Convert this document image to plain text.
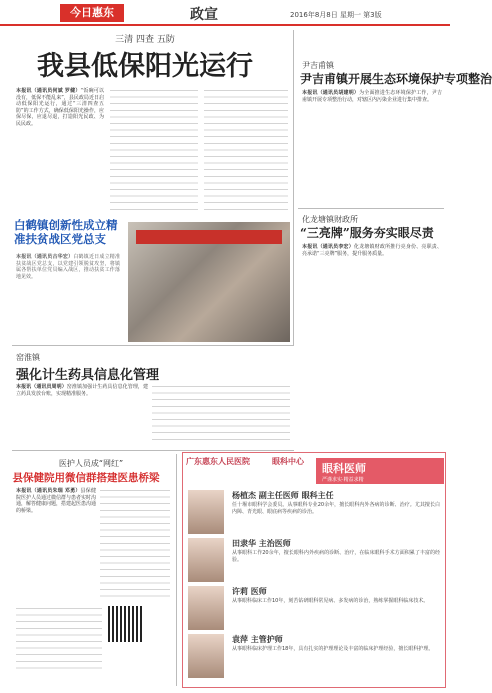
今日惠东	政宣	2016年8月8日 星期一 第3版
三清 四查 五防
我县低保阳光运行
本报讯（通讯员何斌 罗健）“饭碗可以没有，低保不能乱来”，县民政局近日启动低保阳光运行，通过“三清四查五防”的工作方式，确保低保阳光操作，应保尽保，应退尽退，打造阳光民政、为民民政。
白鹤镇创新性成立精准扶贫战区党总支
本报讯（通讯员古华宏）白鹤镇近日成立精准扶贫战区党总支，以党建引领脱贫攻坚，将镇属各帮扶单位党员编入战区，推动扶贫工作落地见效。
尹吉甫镇
尹吉甫镇开展生态环境保护专项整治
本报讯（通讯员胡建明）为全面推进生态环境保护工作，尹吉甫镇开展专项整治行动，对辖区内污染企业进行集中排查。
化龙塘镇财政所
“三亮牌”服务夯实眼尽责
本报讯（通讯员李宏）化龙塘镇财政所推行亮身份、亮职责、亮承诺“三亮牌”服务，提升服务质量。
窑淮镇
强化计生药具信息化管理
本报讯（通讯员周明）窑淮镇加强计生药具信息化管理，建立药具发放台账，实现精准服务。
医护人员成“网红”
县保健院用微信群搭建医患桥梁
本报讯（通讯员朱瑞 邓勇）县保健院医护人员通过微信群与患者实时沟通，解答健康问题，搭建起医患沟通的桥梁。
广东惠东人民医院	眼科中心
眼科医师
严谨求实·精益求精
杨植杰 副主任医师 眼科主任
任十堰市眼科学会委员。从事眼科专业20余年，擅长眼科内外各病的诊断、治疗。尤其擅长白内障、青光眼、眼底病等疾病的诊治。
田隶华 主治医师
从事眼科工作20余年，擅长眼科内外疾病的诊断、治疗，在临床眼科手术方面积累了丰富的经验。
许莉 医师
从事眼科临床工作10年，刻苦钻研眼科常见病、多发病的诊治，熟练掌握眼科临床技术。
袁萍 主管护师
从事眼科临床护理工作18年，具有扎实的护理理论及丰富的临床护理经验，擅长眼科护理。
